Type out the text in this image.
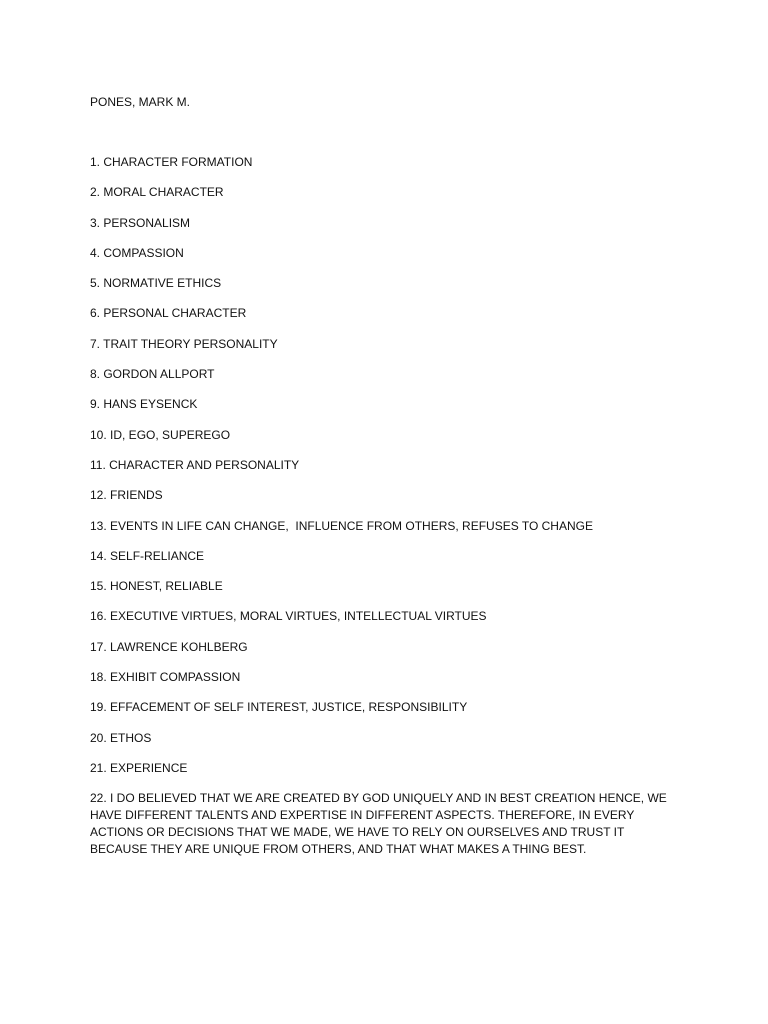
PONES, MARK M.

1. CHARACTER FORMATION
2. MORAL CHARACTER
3. PERSONALISM
4. COMPASSION
5. NORMATIVE ETHICS
6. PERSONAL CHARACTER
7. TRAIT THEORY PERSONALITY
8. GORDON ALLPORT
9. HANS EYSENCK
10. ID, EGO, SUPEREGO
11. CHARACTER AND PERSONALITY
12. FRIENDS
13. EVENTS IN LIFE CAN CHANGE,  INFLUENCE FROM OTHERS, REFUSES TO CHANGE
14. SELF-RELIANCE
15. HONEST, RELIABLE
16. EXECUTIVE VIRTUES, MORAL VIRTUES, INTELLECTUAL VIRTUES
17. LAWRENCE KOHLBERG
18. EXHIBIT COMPASSION
19. EFFACEMENT OF SELF INTEREST, JUSTICE, RESPONSIBILITY
20. ETHOS
21. EXPERIENCE
22. I DO BELIEVED THAT WE ARE CREATED BY GOD UNIQUELY AND IN BEST CREATION HENCE, WE HAVE DIFFERENT TALENTS AND EXPERTISE IN DIFFERENT ASPECTS. THEREFORE, IN EVERY ACTIONS OR DECISIONS THAT WE MADE, WE HAVE TO RELY ON OURSELVES AND TRUST IT BECAUSE THEY ARE UNIQUE FROM OTHERS, AND THAT WHAT MAKES A THING BEST.
